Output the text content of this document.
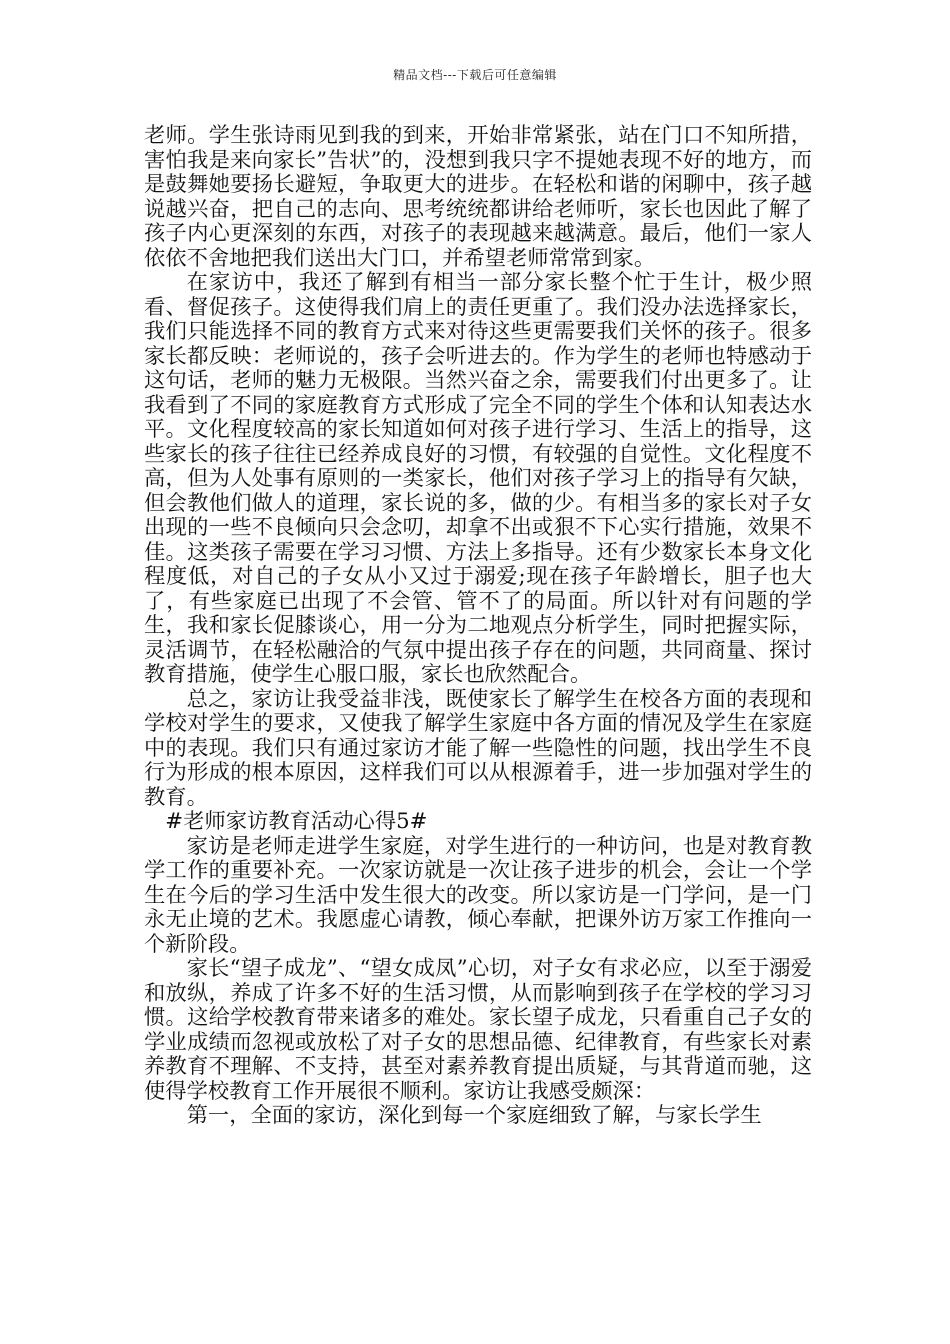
精品文档---下载后可任意编辑

老师。学生张诗雨见到我的到来，开始非常紧张，站在门口不知所措，害怕我是来向家长”告状”的，没想到我只字不提她表现不好的地方，而是鼓舞她要扬长避短，争取更大的进步。在轻松和谐的闲聊中，孩子越说越兴奋，把自己的志向、思考统统都讲给老师听，家长也因此了解了孩子内心更深刻的东西，对孩子的表现越来越满意。最后，他们一家人依依不舍地把我们送出大门口，并希望老师常常到家。

在家访中，我还了解到有相当一部分家长整个忙于生计，极少照看、督促孩子。这使得我们肩上的责任更重了。我们没办法选择家长，我们只能选择不同的教育方式来对待这些更需要我们关怀的孩子。很多家长都反映：老师说的，孩子会听进去的。作为学生的老师也特感动于这句话，老师的魅力无极限。当然兴奋之余，需要我们付出更多了。让我看到了不同的家庭教育方式形成了完全不同的学生个体和认知表达水平。文化程度较高的家长知道如何对孩子进行学习、生活上的指导，这些家长的孩子往往已经养成良好的习惯，有较强的自觉性。文化程度不高，但为人处事有原则的一类家长，他们对孩子学习上的指导有欠缺，但会教他们做人的道理，家长说的多，做的少。有相当多的家长对子女出现的一些不良倾向只会念叨，却拿不出或狠不下心实行措施，效果不佳。这类孩子需要在学习习惯、方法上多指导。还有少数家长本身文化程度低，对自己的子女从小又过于溺爱;现在孩子年龄增长，胆子也大了，有些家庭已出现了不会管、管不了的局面。所以针对有问题的学生，我和家长促膝谈心，用一分为二地观点分析学生，同时把握实际，灵活调节，在轻松融洽的气氛中提出孩子存在的问题，共同商量、探讨教育措施，使学生心服口服，家长也欣然配合。

总之，家访让我受益非浅，既使家长了解学生在校各方面的表现和学校对学生的要求，又使我了解学生家庭中各方面的情况及学生在家庭中的表现。我们只有通过家访才能了解一些隐性的问题，找出学生不良行为形成的根本原因，这样我们可以从根源着手，进一步加强对学生的教育。

#老师家访教育活动心得5#

家访是老师走进学生家庭，对学生进行的一种访问，也是对教育教学工作的重要补充。一次家访就是一次让孩子进步的机会，会让一个学生在今后的学习生活中发生很大的改变。所以家访是一门学问，是一门永无止境的艺术。我愿虚心请教，倾心奉献，把课外访万家工作推向一个新阶段。

家长“望子成龙”、“望女成凤”心切，对子女有求必应，以至于溺爱和放纵，养成了许多不好的生活习惯，从而影响到孩子在学校的学习习惯。这给学校教育带来诸多的难处。家长望子成龙，只看重自己子女的学业成绩而忽视或放松了对子女的思想品德、纪律教育，有些家长对素养教育不理解、不支持，甚至对素养教育提出质疑，与其背道而驰，这使得学校教育工作开展很不顺利。家访让我感受颇深：

第一，全面的家访，深化到每一个家庭细致了解，与家长学生
